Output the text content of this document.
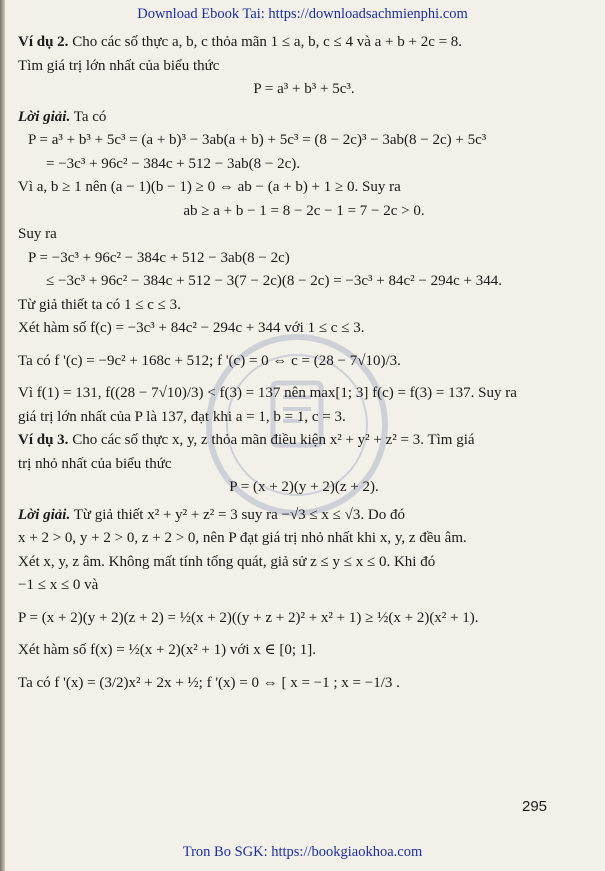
Download Ebook Tai: https://downloadsachmienphi.com

Ví dụ 2. Cho các số thực a, b, c thỏa mãn 1 ≤ a, b, c ≤ 4 và a + b + 2c = 8.

Tìm giá trị lớn nhất của biểu thức

P = a³ + b³ + 5c³.

Lời giải. Ta có

P = a³ + b³ + 5c³ = (a + b)³ − 3ab(a + b) + 5c³ = (8 − 2c)³ − 3ab(8 − 2c) + 5c³

= −3c³ + 96c² − 384c + 512 − 3ab(8 − 2c).

Vì a, b ≥ 1 nên (a − 1)(b − 1) ≥ 0 ⇔ ab − (a + b) + 1 ≥ 0. Suy ra

ab ≥ a + b − 1 = 8 − 2c − 1 = 7 − 2c > 0.

Suy ra

P = −3c³ + 96c² − 384c + 512 − 3ab(8 − 2c)

≤ −3c³ + 96c² − 384c + 512 − 3(7 − 2c)(8 − 2c) = −3c³ + 84c² − 294c + 344.

Từ giả thiết ta có 1 ≤ c ≤ 3.

Xét hàm số f(c) = −3c³ + 84c² − 294c + 344 với 1 ≤ c ≤ 3.

Ta có f '(c) = −9c² + 168c + 512; f '(c) = 0 ⇔ c = (28 − 7√10)/3.

Vì f(1) = 131, f((28 − 7√10)/3) < f(3) = 137 nên max[1; 3] f(c) = f(3) = 137. Suy ra

giá trị lớn nhất của P là 137, đạt khi a = 1, b = 1, c = 3.

Ví dụ 3. Cho các số thực x, y, z thỏa mãn điều kiện x² + y² + z² = 3. Tìm giá

trị nhỏ nhất của biểu thức

P = (x + 2)(y + 2)(z + 2).

Lời giải. Từ giả thiết x² + y² + z² = 3 suy ra −√3 ≤ x ≤ √3. Do đó

x + 2 > 0, y + 2 > 0, z + 2 > 0, nên P đạt giá trị nhỏ nhất khi x, y, z đều âm.

Xét x, y, z âm. Không mất tính tổng quát, giả sử z ≤ y ≤ x ≤ 0. Khi đó

−1 ≤ x ≤ 0 và

P = (x + 2)(y + 2)(z + 2) = ½(x + 2)((y + z + 2)² + x² + 1) ≥ ½(x + 2)(x² + 1).

Xét hàm số f(x) = ½(x + 2)(x² + 1) với x ∈ [0; 1].

Ta có f '(x) = (3/2)x² + 2x + ½; f '(x) = 0 ⇔ [ x = −1 ; x = −1/3 .

295
Tron Bo SGK: https://bookgiaokhoa.com
